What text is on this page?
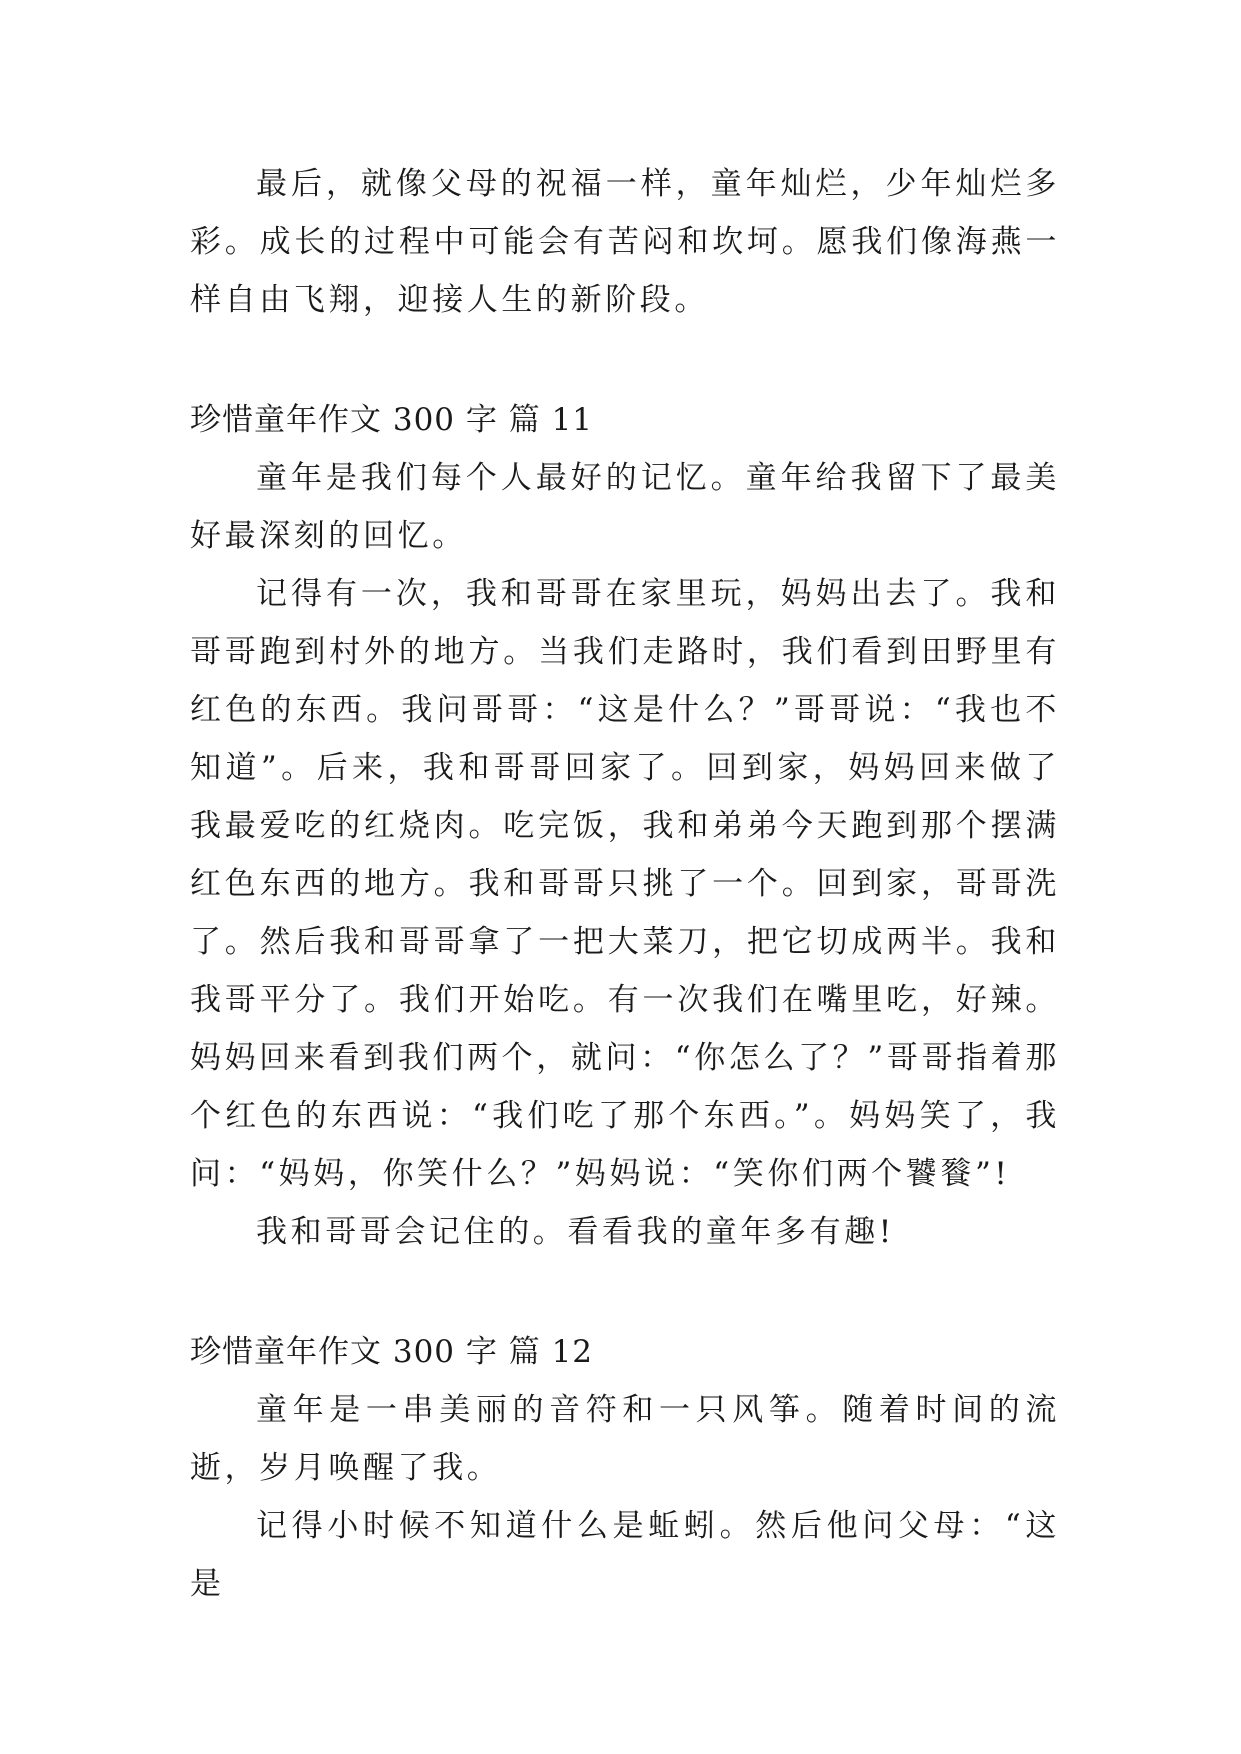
最后，就像父母的祝福一样，童年灿烂，少年灿烂多彩。成长的过程中可能会有苦闷和坎坷。愿我们像海燕一样自由飞翔，迎接人生的新阶段。

珍惜童年作文 300 字 篇 11

童年是我们每个人最好的记忆。童年给我留下了最美好最深刻的回忆。

记得有一次，我和哥哥在家里玩，妈妈出去了。我和哥哥跑到村外的地方。当我们走路时，我们看到田野里有红色的东西。我问哥哥：“这是什么？”哥哥说：“我也不知道”。后来，我和哥哥回家了。回到家，妈妈回来做了我最爱吃的红烧肉。吃完饭，我和弟弟今天跑到那个摆满红色东西的地方。我和哥哥只挑了一个。回到家，哥哥洗了。然后我和哥哥拿了一把大菜刀，把它切成两半。我和我哥平分了。我们开始吃。有一次我们在嘴里吃，好辣。妈妈回来看到我们两个，就问：“你怎么了？”哥哥指着那个红色的东西说：“我们吃了那个东西。”。妈妈笑了，我问：“妈妈，你笑什么？”妈妈说：“笑你们两个饕餮”!

我和哥哥会记住的。看看我的童年多有趣!

珍惜童年作文 300 字 篇 12

童年是一串美丽的音符和一只风筝。随着时间的流逝，岁月唤醒了我。

记得小时候不知道什么是蚯蚓。然后他问父母：“这是
